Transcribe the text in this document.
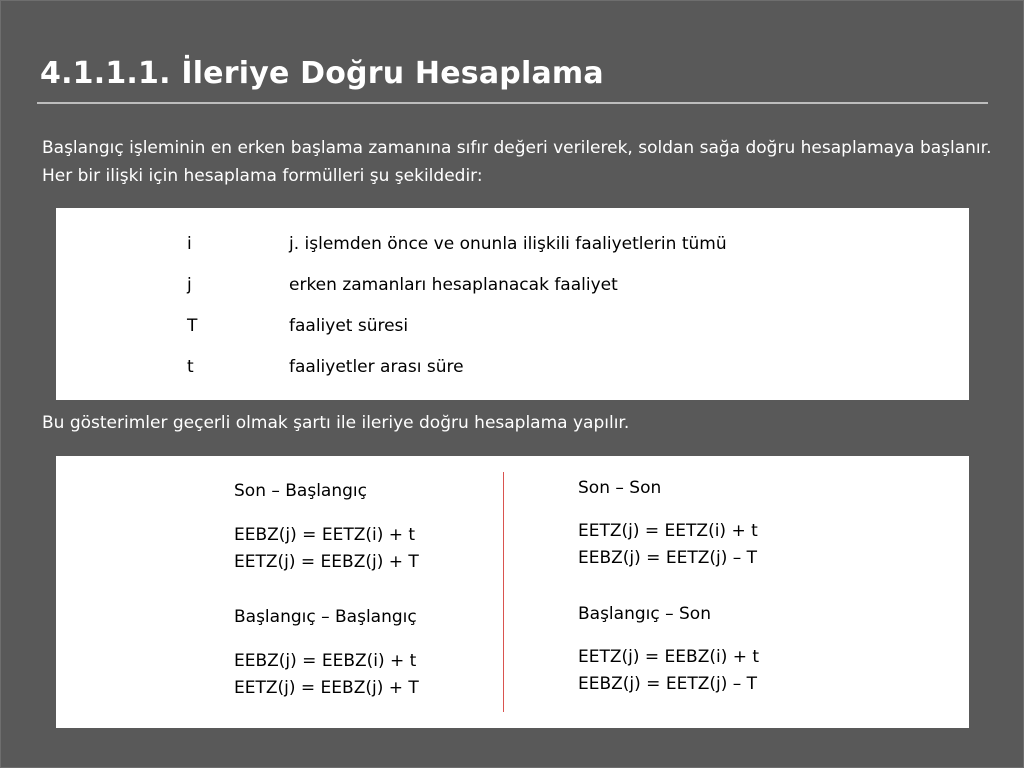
4.1.1.1. İleriye Doğru Hesaplama
Başlangıç işleminin en erken başlama zamanına sıfır değeri verilerek, soldan sağa doğru hesaplamaya başlanır. Her bir ilişki için hesaplama formülleri şu şekildedir:
i	j. işlemden önce ve onunla ilişkili faaliyetlerin tümü
j	erken zamanları hesaplanacak faaliyet
T	faaliyet süresi
t	faaliyetler arası süre
Bu gösterimler geçerli olmak şartı ile ileriye doğru hesaplama yapılır.
Son – Başlangıç
EEBZ(j) = EETZ(i) + t
EETZ(j) = EEBZ(j) + T
Başlangıç – Başlangıç
EEBZ(j) = EEBZ(i) + t
EETZ(j) = EEBZ(j) + T
Son – Son
EETZ(j) = EETZ(i) + t
EEBZ(j) = EETZ(j) – T
Başlangıç – Son
EETZ(j) = EEBZ(i) + t
EEBZ(j) = EETZ(j) – T
